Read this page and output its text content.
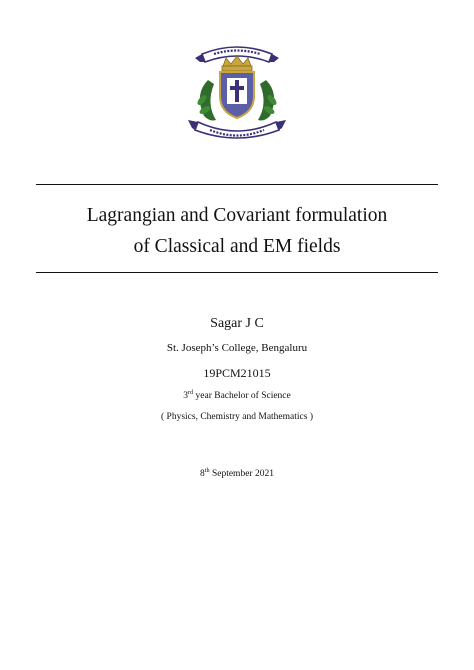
Lagrangian and Covariant formulation
of Classical and EM fields
Sagar J C
St. Joseph’s College, Bengaluru
19PCM21015
3rd year Bachelor of Science
( Physics, Chemistry and Mathematics )
8th September 2021
